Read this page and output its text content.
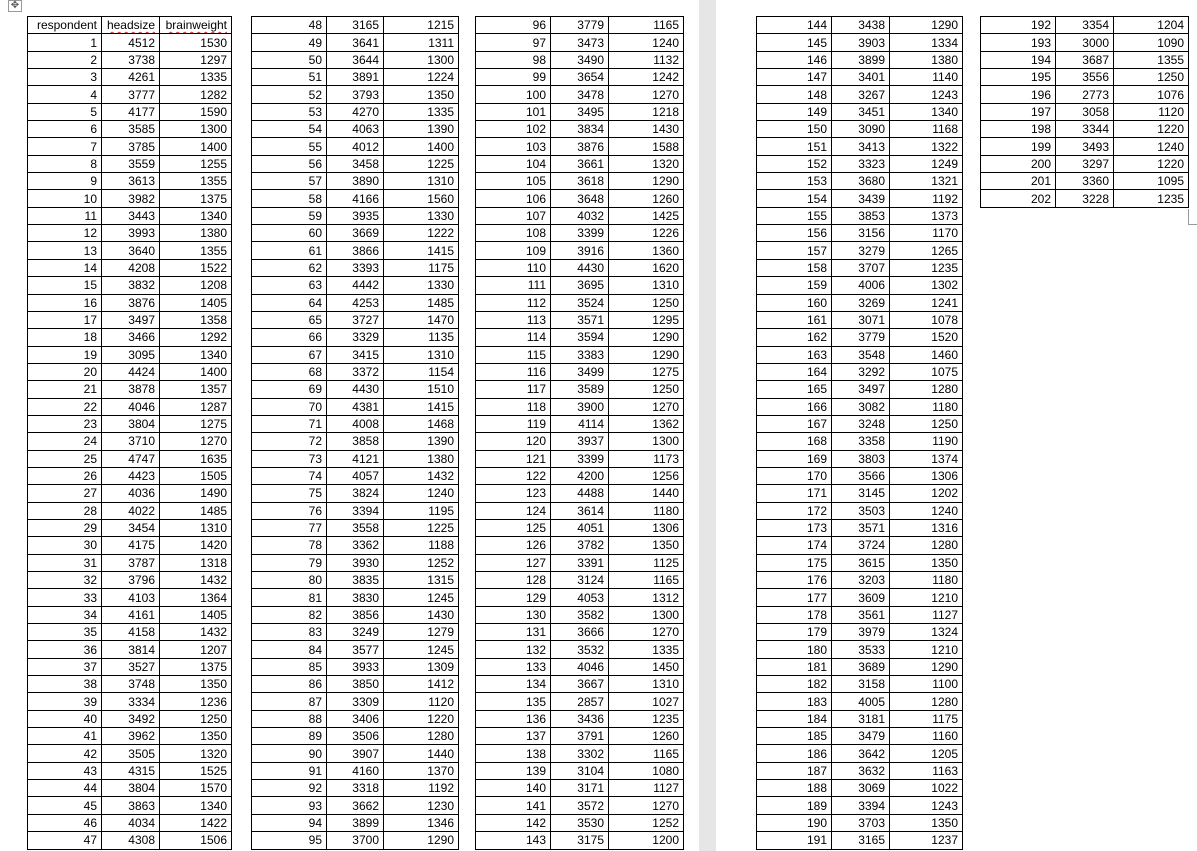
✥
respondent	headsize	brainweight
1	4512	1530
2	3738	1297
3	4261	1335
4	3777	1282
5	4177	1590
6	3585	1300
7	3785	1400
8	3559	1255
9	3613	1355
10	3982	1375
11	3443	1340
12	3993	1380
13	3640	1355
14	4208	1522
15	3832	1208
16	3876	1405
17	3497	1358
18	3466	1292
19	3095	1340
20	4424	1400
21	3878	1357
22	4046	1287
23	3804	1275
24	3710	1270
25	4747	1635
26	4423	1505
27	4036	1490
28	4022	1485
29	3454	1310
30	4175	1420
31	3787	1318
32	3796	1432
33	4103	1364
34	4161	1405
35	4158	1432
36	3814	1207
37	3527	1375
38	3748	1350
39	3334	1236
40	3492	1250
41	3962	1350
42	3505	1320
43	4315	1525
44	3804	1570
45	3863	1340
46	4034	1422
47	4308	1506
48	3165	1215
49	3641	1311
50	3644	1300
51	3891	1224
52	3793	1350
53	4270	1335
54	4063	1390
55	4012	1400
56	3458	1225
57	3890	1310
58	4166	1560
59	3935	1330
60	3669	1222
61	3866	1415
62	3393	1175
63	4442	1330
64	4253	1485
65	3727	1470
66	3329	1135
67	3415	1310
68	3372	1154
69	4430	1510
70	4381	1415
71	4008	1468
72	3858	1390
73	4121	1380
74	4057	1432
75	3824	1240
76	3394	1195
77	3558	1225
78	3362	1188
79	3930	1252
80	3835	1315
81	3830	1245
82	3856	1430
83	3249	1279
84	3577	1245
85	3933	1309
86	3850	1412
87	3309	1120
88	3406	1220
89	3506	1280
90	3907	1440
91	4160	1370
92	3318	1192
93	3662	1230
94	3899	1346
95	3700	1290
96	3779	1165
97	3473	1240
98	3490	1132
99	3654	1242
100	3478	1270
101	3495	1218
102	3834	1430
103	3876	1588
104	3661	1320
105	3618	1290
106	3648	1260
107	4032	1425
108	3399	1226
109	3916	1360
110	4430	1620
111	3695	1310
112	3524	1250
113	3571	1295
114	3594	1290
115	3383	1290
116	3499	1275
117	3589	1250
118	3900	1270
119	4114	1362
120	3937	1300
121	3399	1173
122	4200	1256
123	4488	1440
124	3614	1180
125	4051	1306
126	3782	1350
127	3391	1125
128	3124	1165
129	4053	1312
130	3582	1300
131	3666	1270
132	3532	1335
133	4046	1450
134	3667	1310
135	2857	1027
136	3436	1235
137	3791	1260
138	3302	1165
139	3104	1080
140	3171	1127
141	3572	1270
142	3530	1252
143	3175	1200
144	3438	1290
145	3903	1334
146	3899	1380
147	3401	1140
148	3267	1243
149	3451	1340
150	3090	1168
151	3413	1322
152	3323	1249
153	3680	1321
154	3439	1192
155	3853	1373
156	3156	1170
157	3279	1265
158	3707	1235
159	4006	1302
160	3269	1241
161	3071	1078
162	3779	1520
163	3548	1460
164	3292	1075
165	3497	1280
166	3082	1180
167	3248	1250
168	3358	1190
169	3803	1374
170	3566	1306
171	3145	1202
172	3503	1240
173	3571	1316
174	3724	1280
175	3615	1350
176	3203	1180
177	3609	1210
178	3561	1127
179	3979	1324
180	3533	1210
181	3689	1290
182	3158	1100
183	4005	1280
184	3181	1175
185	3479	1160
186	3642	1205
187	3632	1163
188	3069	1022
189	3394	1243
190	3703	1350
191	3165	1237
192	3354	1204
193	3000	1090
194	3687	1355
195	3556	1250
196	2773	1076
197	3058	1120
198	3344	1220
199	3493	1240
200	3297	1220
201	3360	1095
202	3228	1235
